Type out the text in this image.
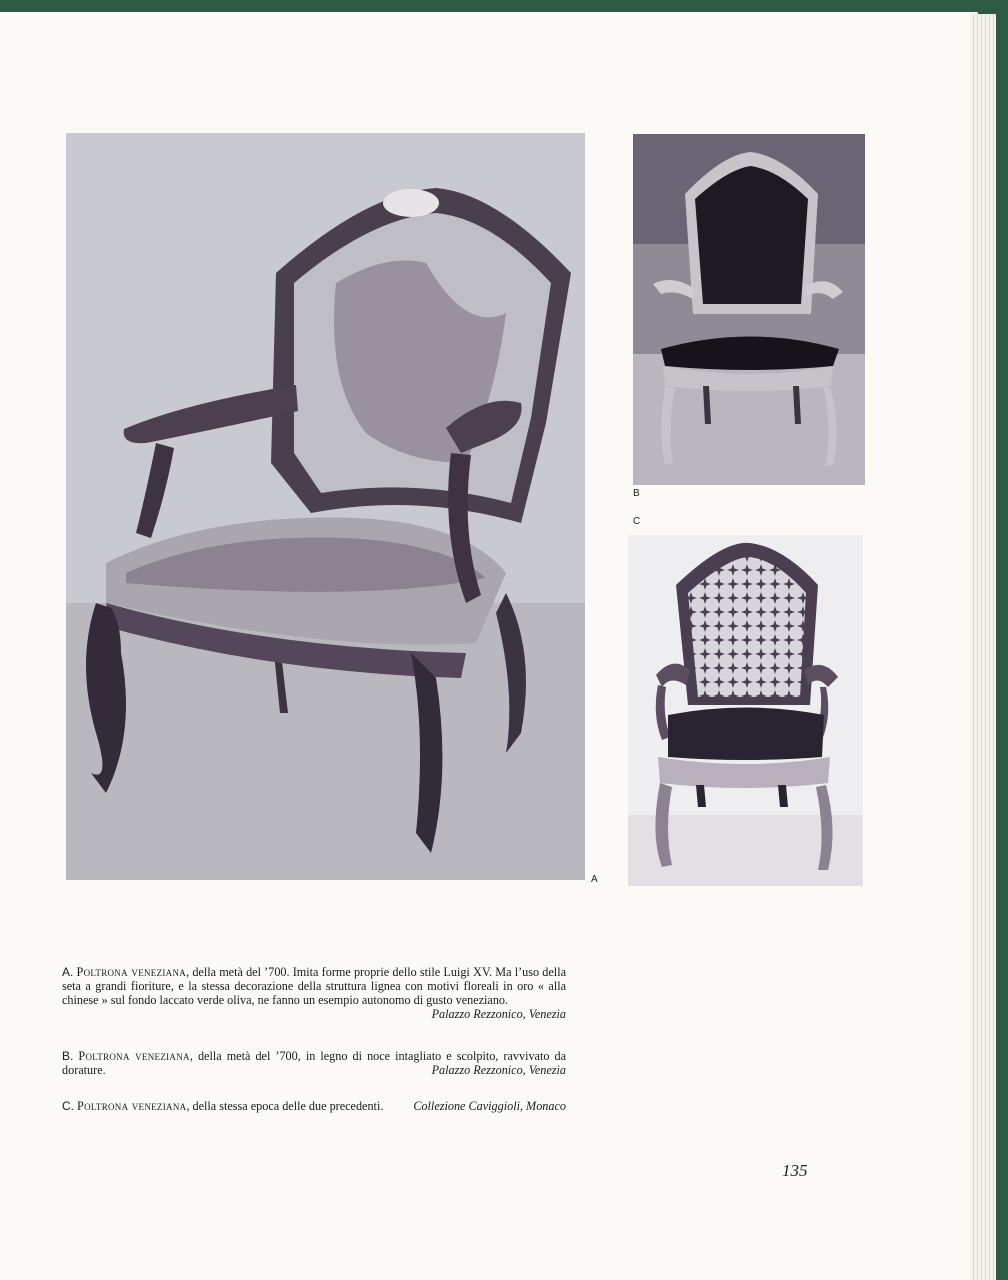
A
B
C
A. Poltrona veneziana, della metà del ’700. Imita forme proprie dello stile Luigi XV. Ma l’uso della seta a grandi fioriture, e la stessa decorazione della struttura lignea con motivi floreali in oro « alla chinese » sul fondo laccato verde oliva, ne fanno un esempio autonomo di gusto veneziano.
Palazzo Rezzonico, Venezia
B. Poltrona veneziana, della metà del ’700, in legno di noce intagliato e scolpito, ravvivato da dorature.	Palazzo Rezzonico, Venezia
C. Poltrona veneziana, della stessa epoca delle due precedenti. Collezione Caviggioli, Monaco
135
